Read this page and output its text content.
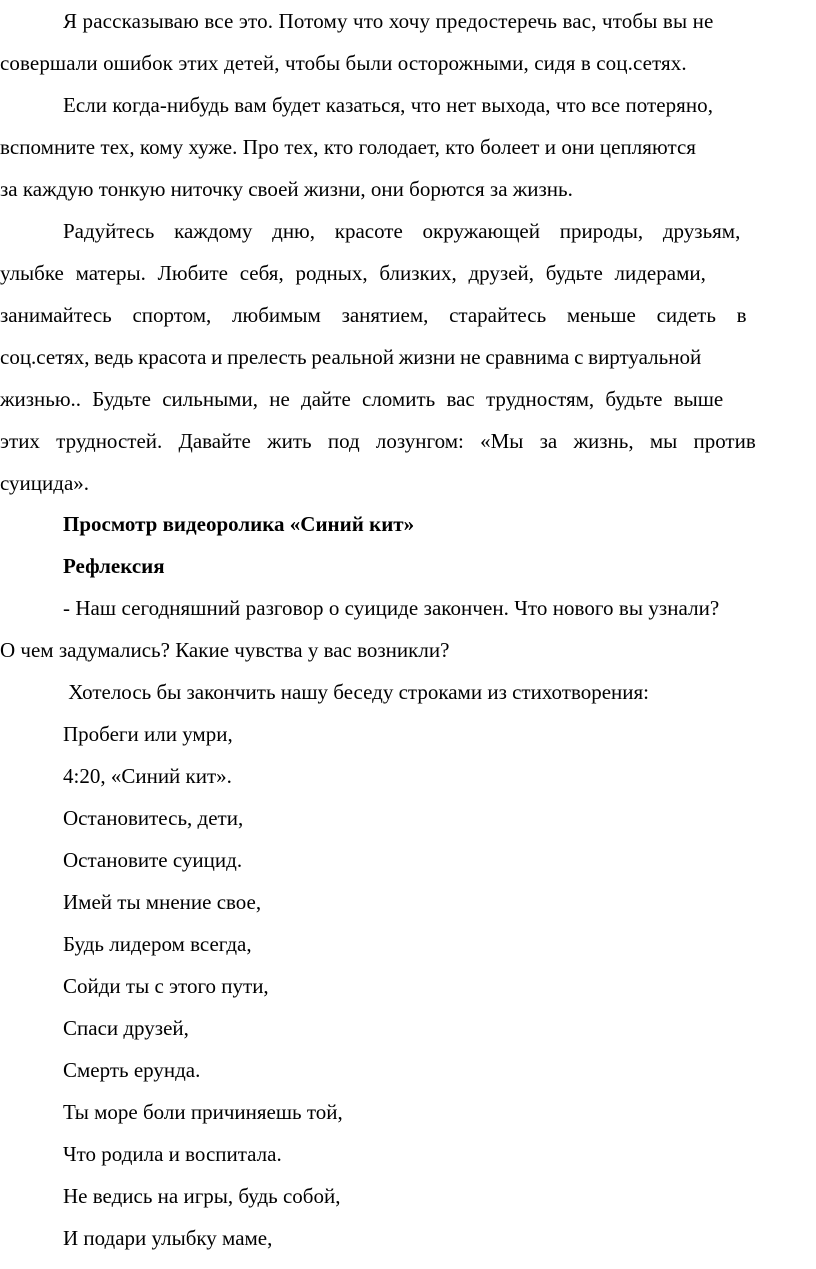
Я рассказываю все это. Потому что хочу предостеречь вас, чтобы вы не
совершали ошибок этих детей, чтобы были осторожными, сидя в соц.сетях.
Если когда-нибудь вам будет казаться, что нет выхода, что все потеряно,
вспомните тех, кому хуже. Про тех, кто голодает, кто болеет и они цепляются
за каждую тонкую ниточку своей жизни, они борются за жизнь.
Радуйтесь каждому дню, красоте окружающей природы, друзьям,
улыбке матеры. Любите себя, родных, близких, друзей, будьте лидерами,
занимайтесь спортом, любимым занятием, старайтесь меньше сидеть в
соц.сетях, ведь красота и прелесть реальной жизни не сравнима с виртуальной
жизнью.. Будьте сильными, не дайте сломить вас трудностям, будьте выше
этих трудностей. Давайте жить под лозунгом: «Мы за жизнь, мы против
суицида».
Просмотр видеоролика «Синий кит»
Рефлексия
- Наш сегодняшний разговор о суициде закончен. Что нового вы узнали?
О чем задумались? Какие чувства у вас возникли?
Хотелось бы закончить нашу беседу строками из стихотворения:
Пробеги или умри,
4:20, «Синий кит».
Остановитесь, дети,
Остановите суицид.
Имей ты мнение свое,
Будь лидером всегда,
Сойди ты с этого пути,
Спаси друзей,
Смерть ерунда.
Ты море боли причиняешь той,
Что родила и воспитала.
Не ведись на игры, будь собой,
И подари улыбку маме,
